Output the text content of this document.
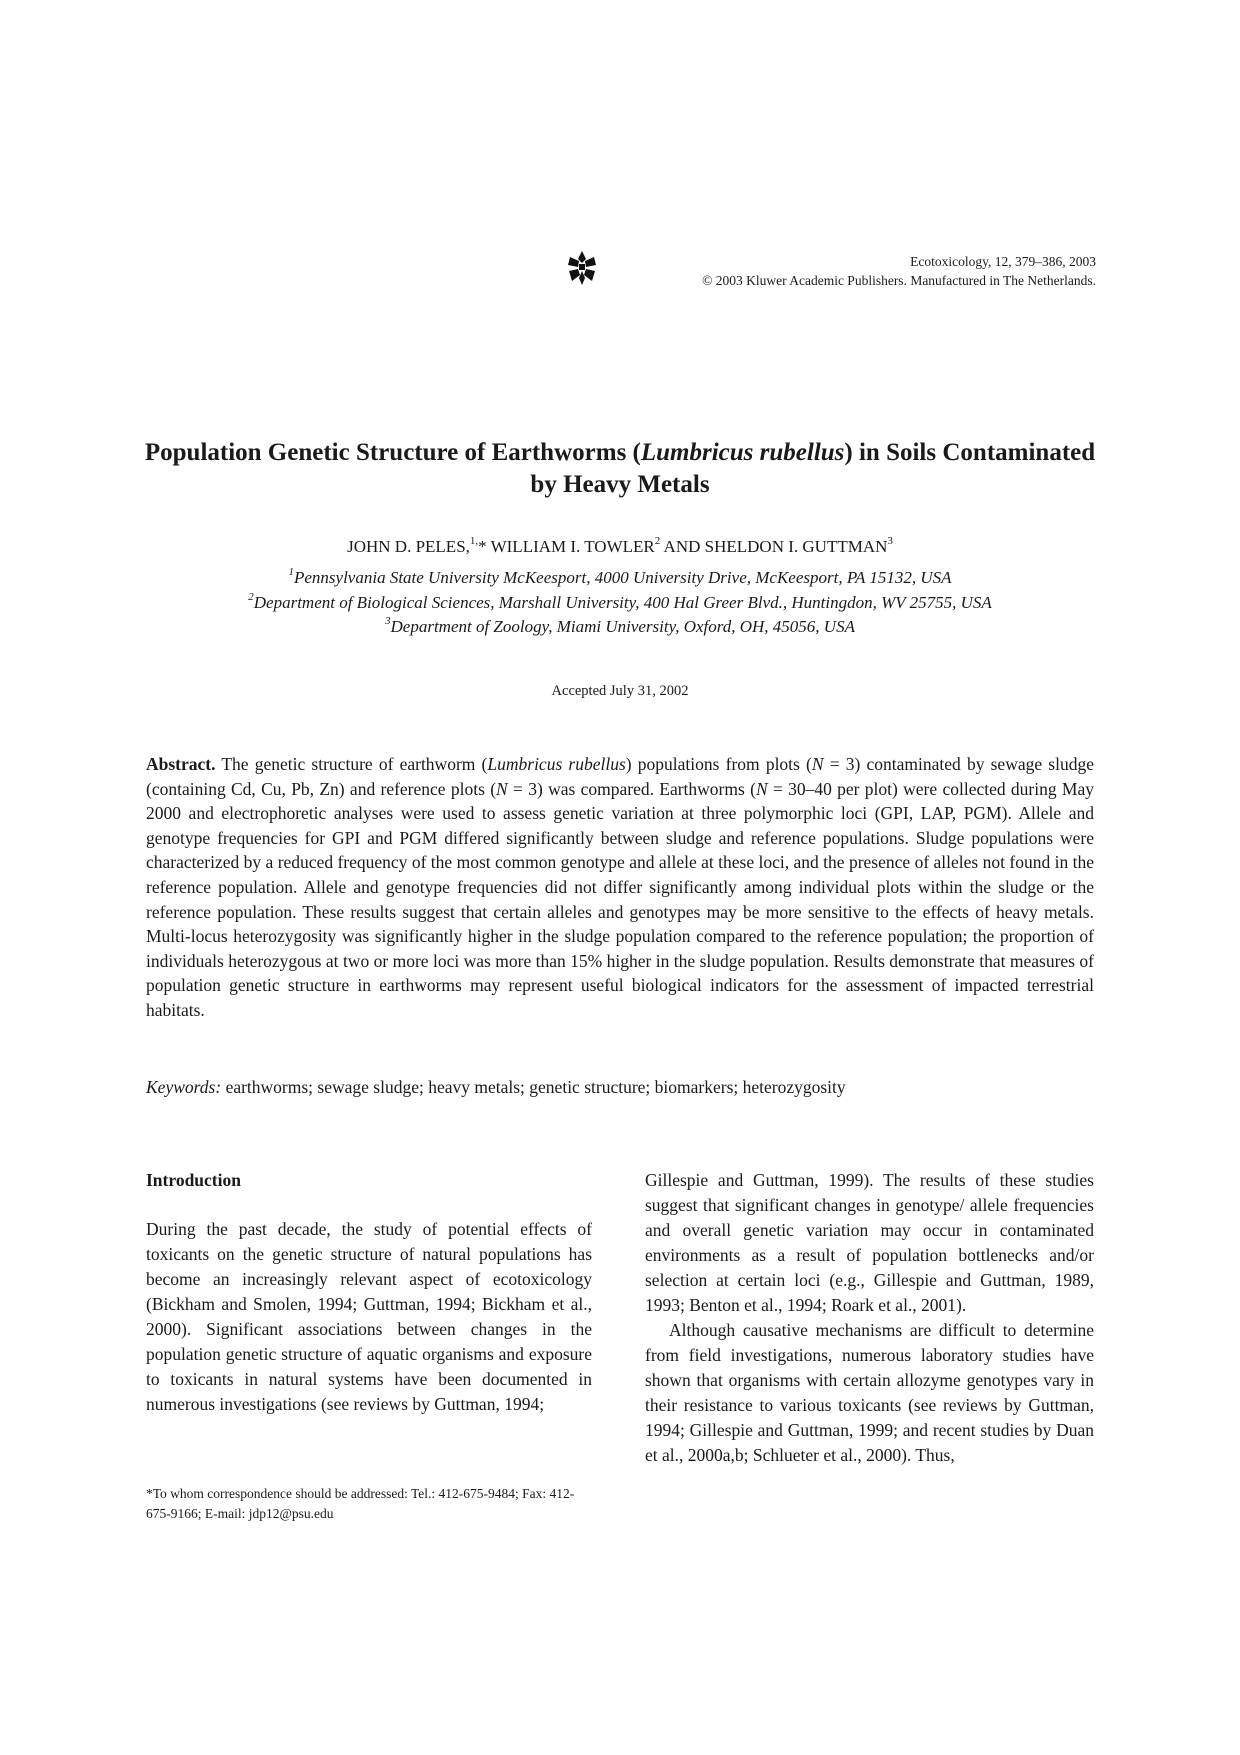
Ecotoxicology, 12, 379–386, 2003
© 2003 Kluwer Academic Publishers. Manufactured in The Netherlands.
Population Genetic Structure of Earthworms (Lumbricus rubellus) in Soils Contaminated by Heavy Metals
JOHN D. PELES,$^{1,}$* WILLIAM I. TOWLER$^2$ AND SHELDON I. GUTTMAN$^3$
$^1$Pennsylvania State University McKeesport, 4000 University Drive, McKeesport, PA 15132, USA
$^2$Department of Biological Sciences, Marshall University, 400 Hal Greer Blvd., Huntingdon, WV 25755, USA
$^3$Department of Zoology, Miami University, Oxford, OH, 45056, USA
Accepted July 31, 2002

Abstract. The genetic structure of earthworm (Lumbricus rubellus) populations from plots (N = 3) contaminated by sewage sludge (containing Cd, Cu, Pb, Zn) and reference plots (N = 3) was compared. Earthworms (N = 30–40 per plot) were collected during May 2000 and electrophoretic analyses were used to assess genetic variation at three polymorphic loci (GPI, LAP, PGM). Allele and genotype frequencies for GPI and PGM differed significantly between sludge and reference populations. Sludge populations were characterized by a reduced frequency of the most common genotype and allele at these loci, and the presence of alleles not found in the reference population. Allele and genotype frequencies did not differ significantly among individual plots within the sludge or the reference population. These results suggest that certain alleles and genotypes may be more sensitive to the effects of heavy metals. Multi-locus heterozygosity was significantly higher in the sludge population compared to the reference population; the proportion of individuals heterozygous at two or more loci was more than 15% higher in the sludge population. Results demonstrate that measures of population genetic structure in earthworms may represent useful biological indicators for the assessment of impacted terrestrial habitats.

Keywords: earthworms; sewage sludge; heavy metals; genetic structure; biomarkers; heterozygosity
Introduction

During the past decade, the study of potential effects of toxicants on the genetic structure of natural populations has become an increasingly relevant aspect of ecotoxicology (Bickham and Smolen, 1994; Guttman, 1994; Bickham et al., 2000). Significant associations between changes in the population genetic structure of aquatic organisms and exposure to toxicants in natural systems have been documented in numerous investigations (see reviews by Guttman, 1994;

Gillespie and Guttman, 1999). The results of these studies suggest that significant changes in genotype/ allele frequencies and overall genetic variation may occur in contaminated environments as a result of population bottlenecks and/or selection at certain loci (e.g., Gillespie and Guttman, 1989, 1993; Benton et al., 1994; Roark et al., 2001).

Although causative mechanisms are difficult to determine from field investigations, numerous laboratory studies have shown that organisms with certain allozyme genotypes vary in their resistance to various toxicants (see reviews by Guttman, 1994; Gillespie and Guttman, 1999; and recent studies by Duan et al., 2000a,b; Schlueter et al., 2000). Thus,

*To whom correspondence should be addressed: Tel.: 412-675-9484; Fax: 412-675-9166; E-mail: jdp12@psu.edu
